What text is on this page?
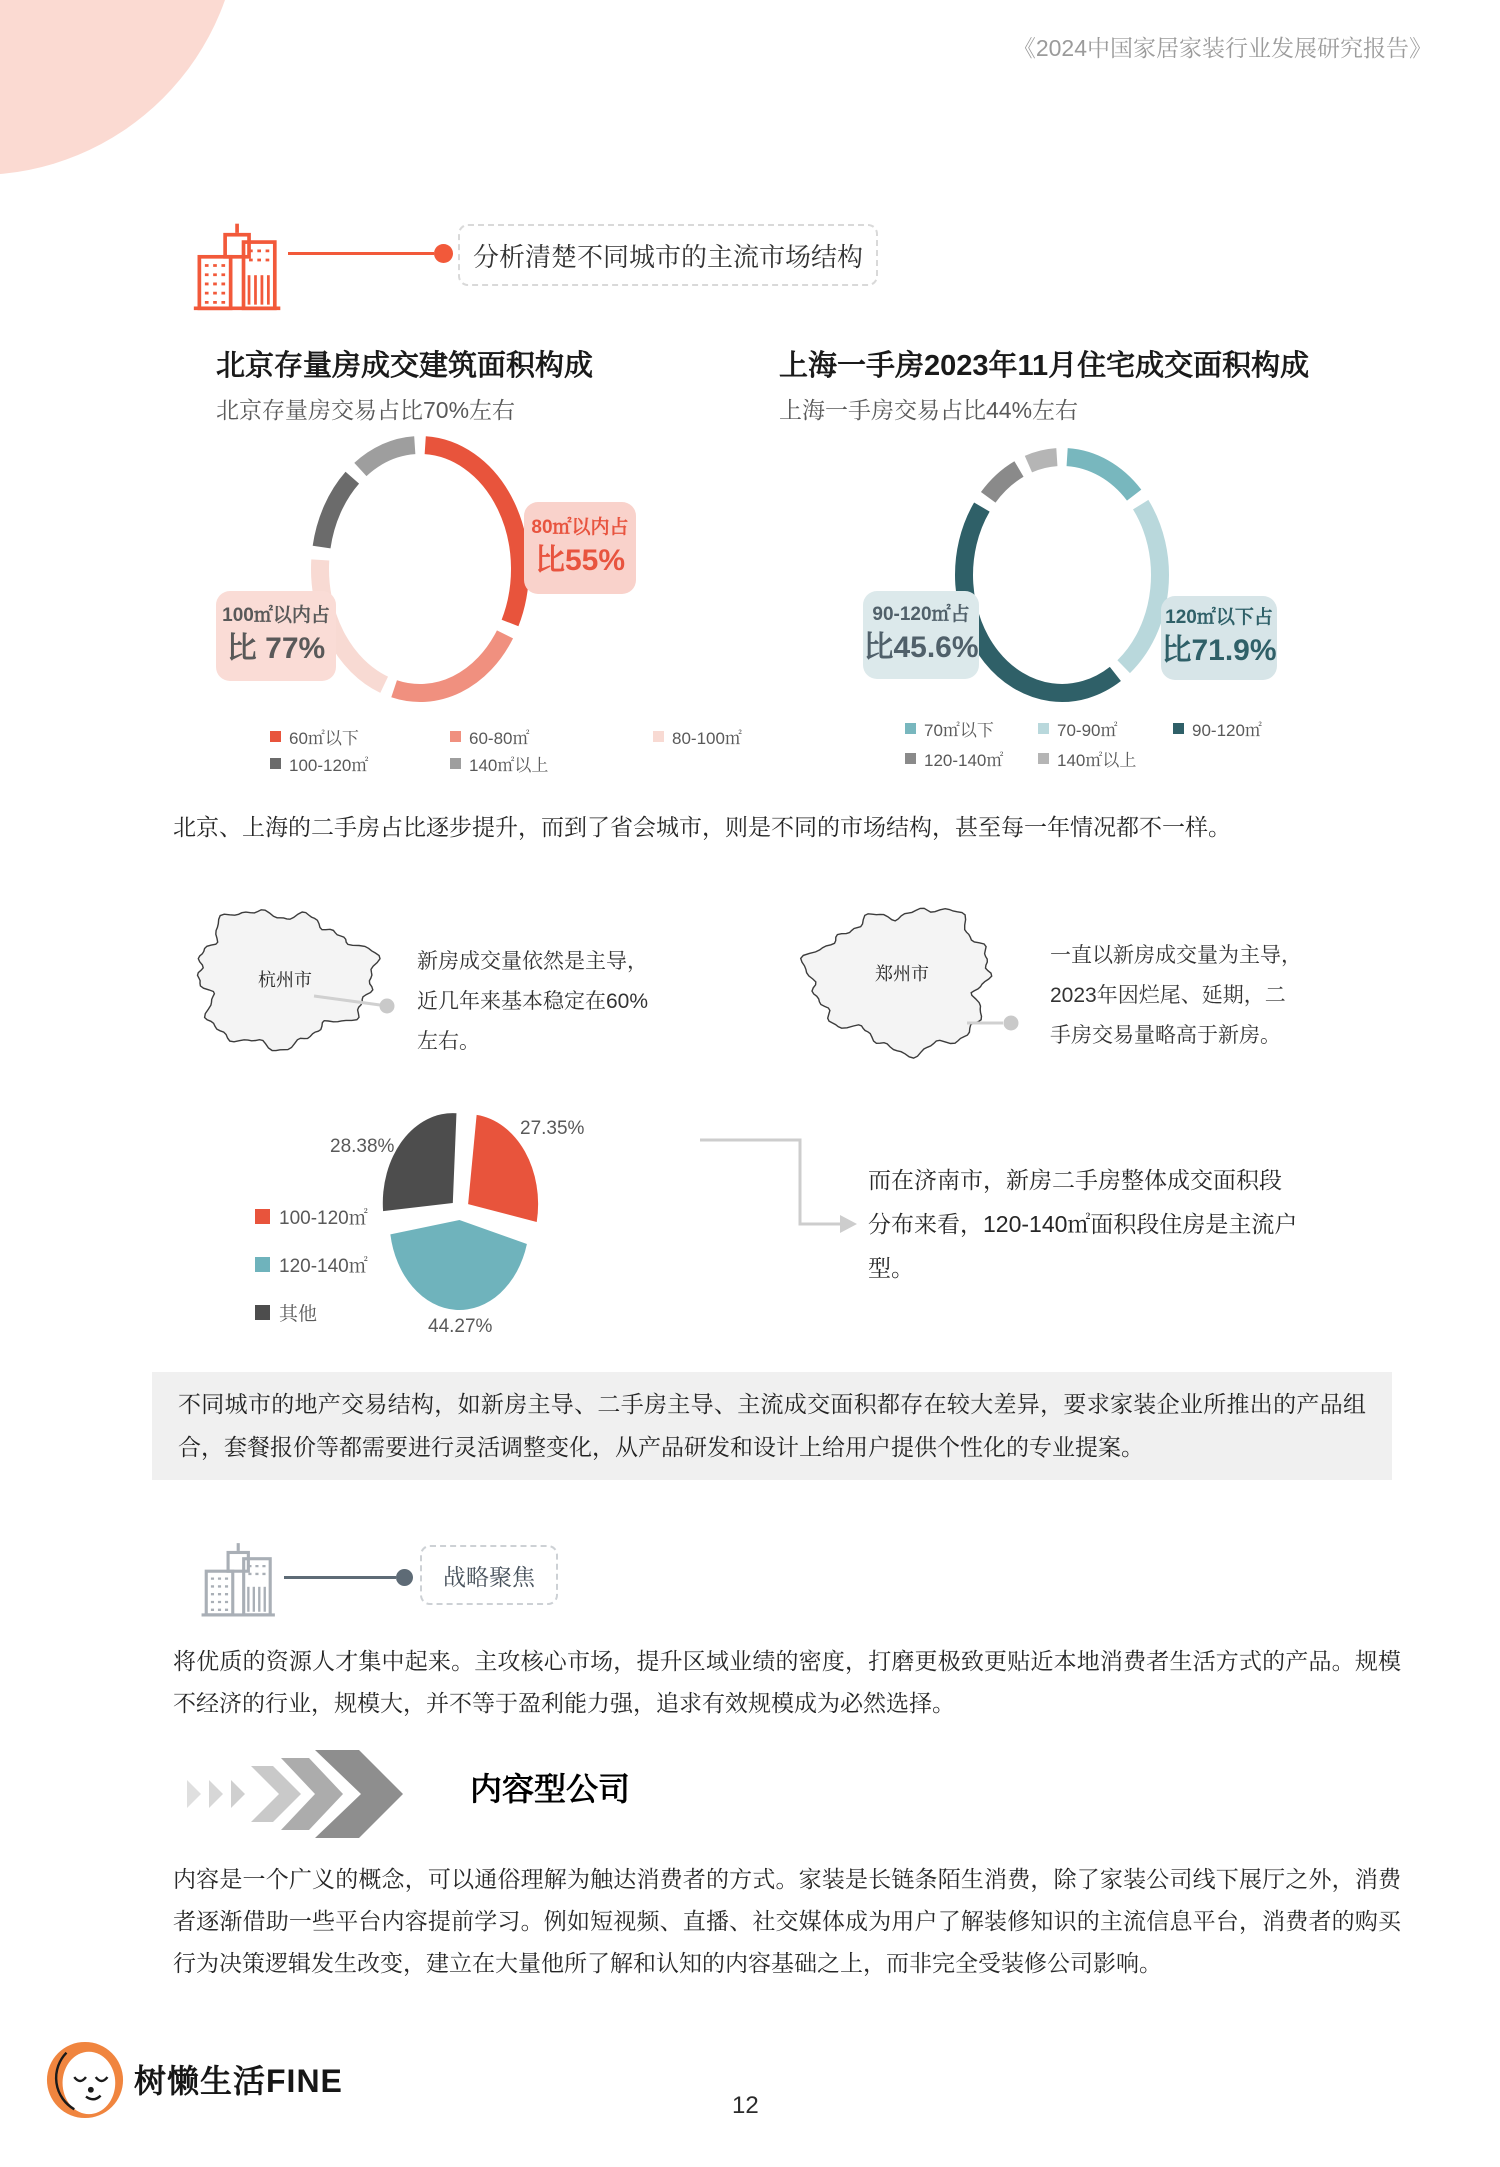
《2024中国家居家装行业发展研究报告》
分析清楚不同城市的主流市场结构
北京存量房成交建筑面积构成
北京存量房交易占比70%左右
上海一手房2023年11月住宅成交面积构成
上海一手房交易占比44%左右
80㎡以内占
比55%
100㎡以内占
比 77%
90-120㎡占
比45.6%
120㎡以下占
比71.9%
60㎡以下	60-80㎡	80-100㎡
100-120㎡	140㎡以上
70㎡以下	70-90㎡	90-120㎡
120-140㎡	140㎡以上
北京、上海的二手房占比逐步提升，而到了省会城市，则是不同的市场结构，甚至每一年情况都不一样。
杭州市
新房成交量依然是主导，
近几年来基本稳定在60%
左右。
郑州市
一直以新房成交量为主导，
2023年因烂尾、延期，二
手房交易量略高于新房。
27.35%
28.38%
44.27%
100-120㎡
120-140㎡
其他
而在济南市，新房二手房整体成交面积段
分布来看，120-140㎡面积段住房是主流户
型。
不同城市的地产交易结构，如新房主导、二手房主导、主流成交面积都存在较大差异，要求家装企业所推出的产品组合，套餐报价等都需要进行灵活调整变化，从产品研发和设计上给用户提供个性化的专业提案。
战略聚焦
将优质的资源人才集中起来。主攻核心市场，提升区域业绩的密度，打磨更极致更贴近本地消费者生活方式的产品。规模不经济的行业，规模大，并不等于盈利能力强，追求有效规模成为必然选择。
内容型公司
内容是一个广义的概念，可以通俗理解为触达消费者的方式。家装是长链条陌生消费，除了家装公司线下展厅之外，消费者逐渐借助一些平台内容提前学习。例如短视频、直播、社交媒体成为用户了解装修知识的主流信息平台，消费者的购买行为决策逻辑发生改变，建立在大量他所了解和认知的内容基础之上，而非完全受装修公司影响。
树懒生活FINE
12
